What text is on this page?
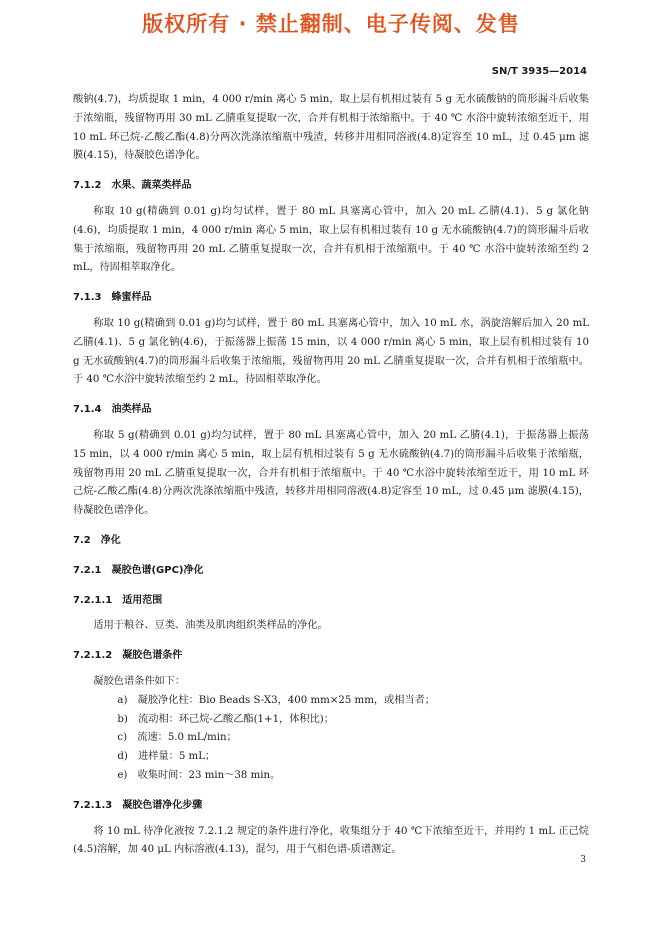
版权所有 · 禁止翻制、电子传阅、发售
SN/T 3935—2014

酸钠(4.7)，均质提取 1 min，4 000 r/min 离心 5 min，取上层有机相过装有 5 g 无水硫酸钠的筒形漏斗后收集于浓缩瓶，残留物再用 30 mL 乙腈重复提取一次，合并有机相于浓缩瓶中。于 40 ℃ 水浴中旋转浓缩至近干，用 10 mL 环己烷-乙酸乙酯(4.8)分两次洗涤浓缩瓶中残渣，转移并用相同溶液(4.8)定容至 10 mL，过 0.45 μm 滤膜(4.15)，待凝胶色谱净化。

7.1.2 水果、蔬菜类样品

称取 10 g(精确到 0.01 g)均匀试样，置于 80 mL 具塞离心管中，加入 20 mL 乙腈(4.1)、5 g 氯化钠(4.6)，均质提取 1 min，4 000 r/min 离心 5 min，取上层有机相过装有 10 g 无水硫酸钠(4.7)的筒形漏斗后收集于浓缩瓶，残留物再用 20 mL 乙腈重复提取一次，合并有机相于浓缩瓶中。于 40 ℃ 水浴中旋转浓缩至约 2 mL，待固相萃取净化。

7.1.3 蜂蜜样品

称取 10 g(精确到 0.01 g)均匀试样，置于 80 mL 具塞离心管中，加入 10 mL 水，涡旋溶解后加入 20 mL 乙腈(4.1)、5 g 氯化钠(4.6)，于振荡器上振荡 15 min，以 4 000 r/min 离心 5 min，取上层有机相过装有 10 g 无水硫酸钠(4.7)的筒形漏斗后收集于浓缩瓶，残留物再用 20 mL 乙腈重复提取一次，合并有机相于浓缩瓶中。于 40 ℃水浴中旋转浓缩至约 2 mL，待固相萃取净化。

7.1.4 油类样品

称取 5 g(精确到 0.01 g)均匀试样，置于 80 mL 具塞离心管中，加入 20 mL 乙腈(4.1)，于振荡器上振荡 15 min，以 4 000 r/min 离心 5 min，取上层有机相过装有 5 g 无水硫酸钠(4.7)的筒形漏斗后收集于浓缩瓶，残留物再用 20 mL 乙腈重复提取一次，合并有机相于浓缩瓶中。于 40 ℃水浴中旋转浓缩至近干，用 10 mL 环己烷-乙酸乙酯(4.8)分两次洗涤浓缩瓶中残渣，转移并用相同溶液(4.8)定容至 10 mL，过 0.45 μm 滤膜(4.15)，待凝胶色谱净化。

7.2 净化
7.2.1 凝胶色谱(GPC)净化
7.2.1.1 适用范围

适用于粮谷、豆类、油类及肌肉组织类样品的净化。

7.2.1.2 凝胶色谱条件

凝胶色谱条件如下：

a)　 凝胶净化柱：Bio Beads S-X3，400 mm×25 mm，或相当者；

b)　 流动相：环己烷-乙酸乙酯(1+1，体积比)；

c)　 流速：5.0 mL/min；

d)　 进样量：5 mL；

e)　 收集时间：23 min～38 min。

7.2.1.3 凝胶色谱净化步骤

将 10 mL 待净化液按 7.2.1.2 规定的条件进行净化，收集组分于 40 ℃下浓缩至近干，并用约 1 mL 正己烷(4.5)溶解，加 40 μL 内标溶液(4.13)，混匀，用于气相色谱-质谱测定。

3
